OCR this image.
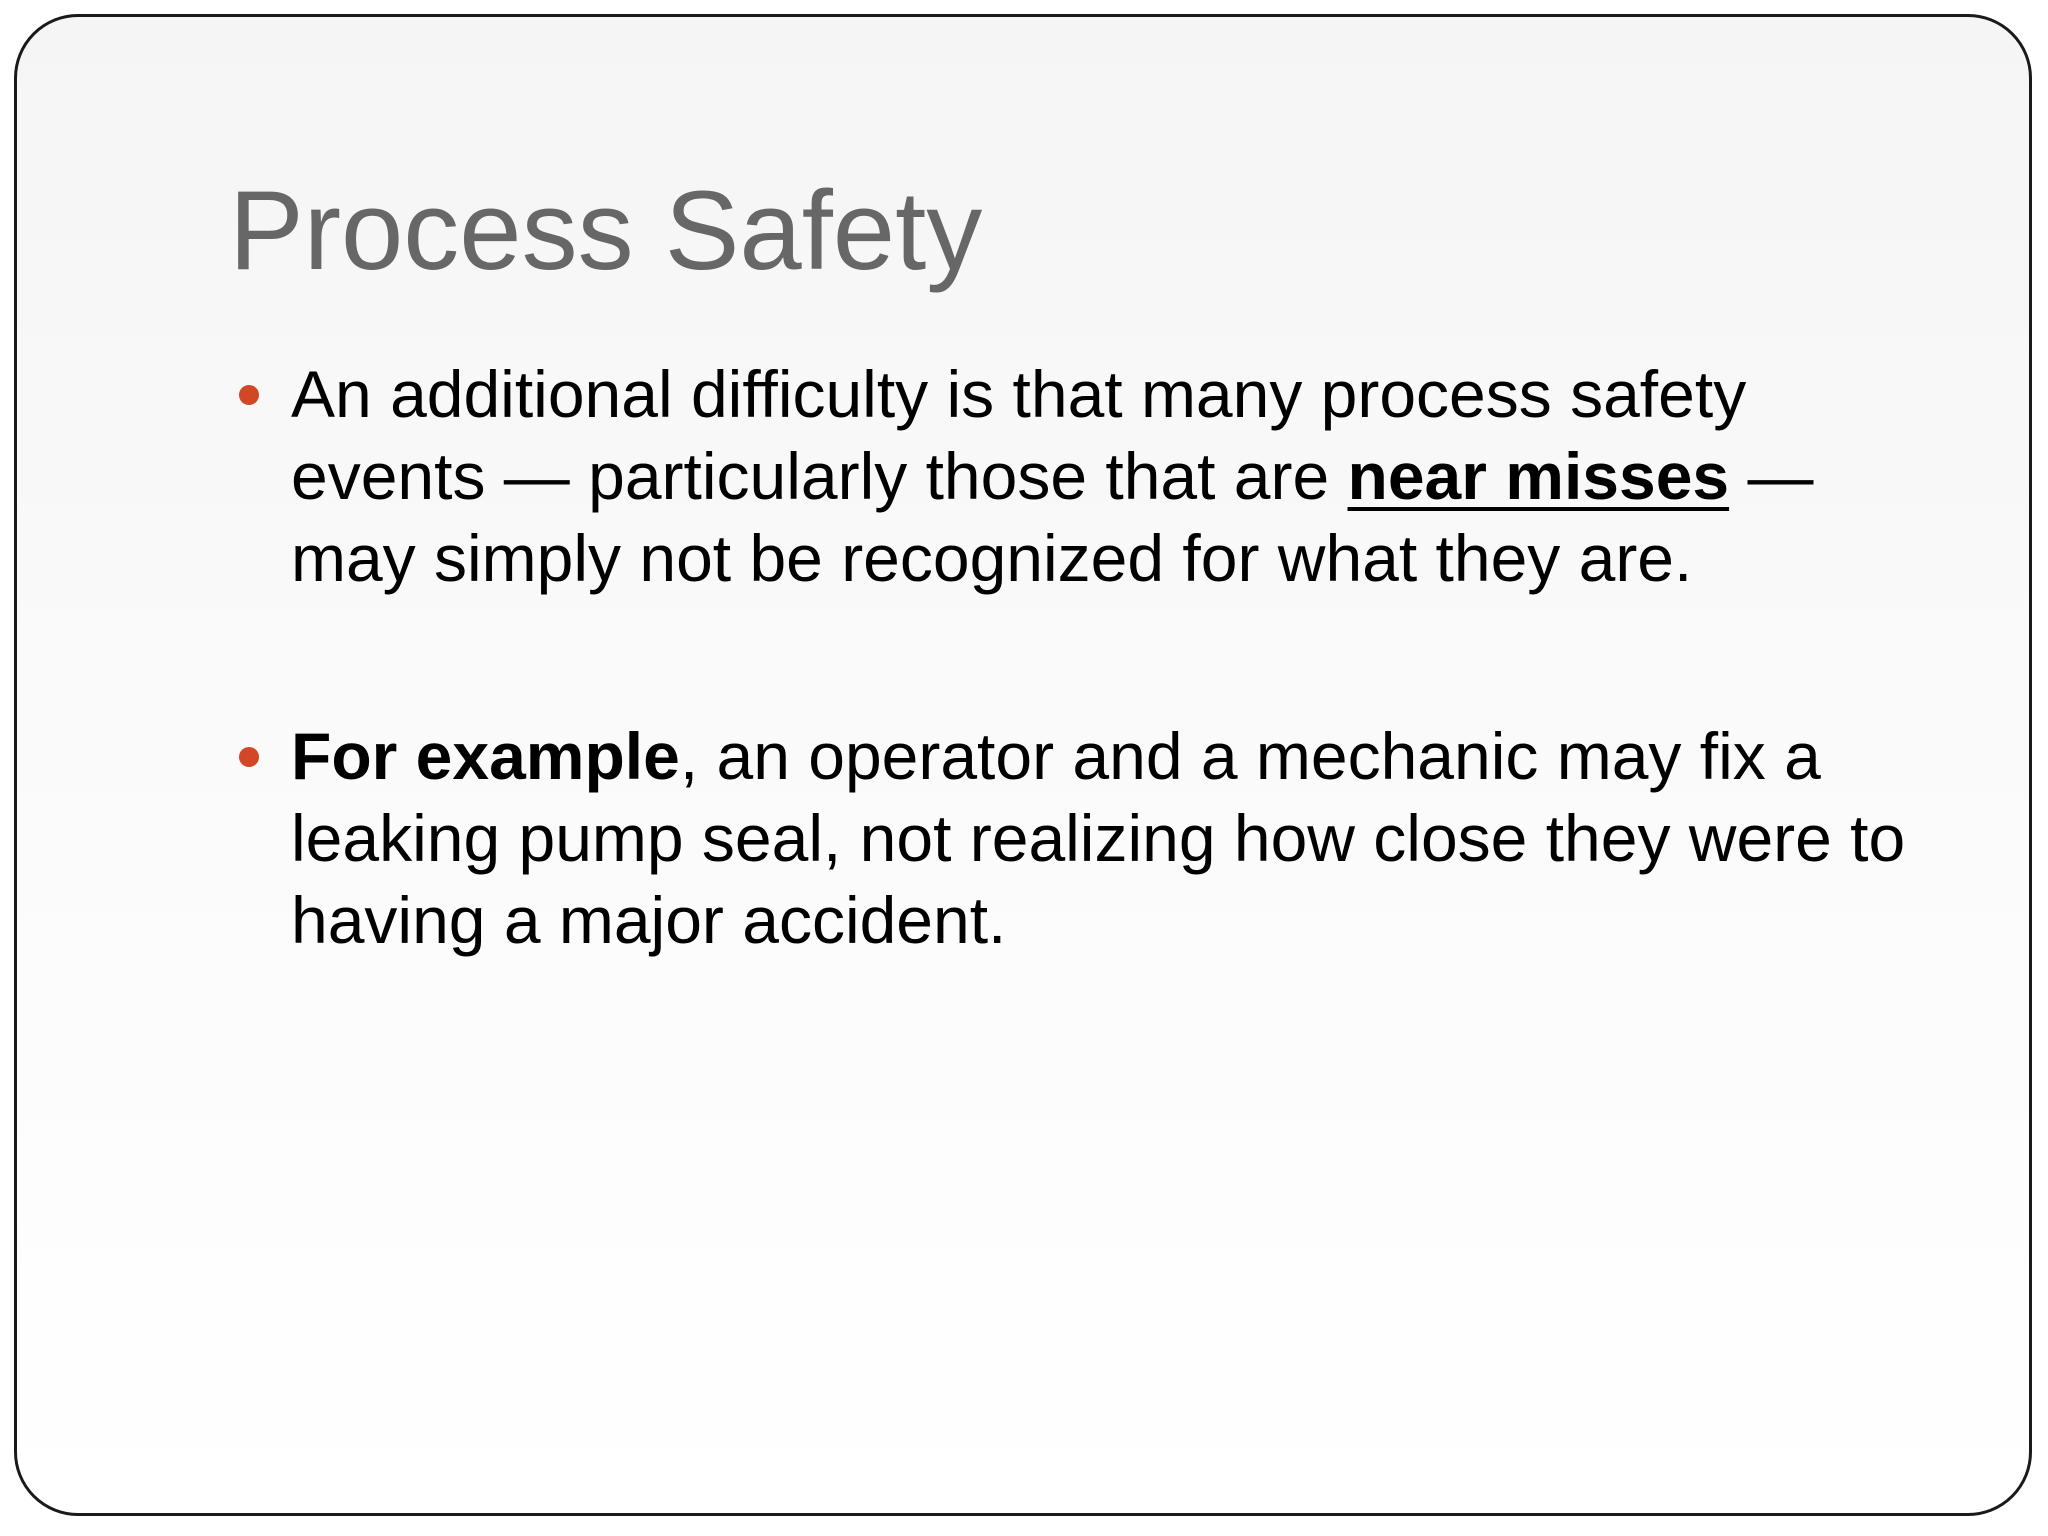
Process Safety
An additional difficulty is that many process safety events — particularly those that are near misses — may simply not be recognized for what they are.
For example, an operator and a mechanic may fix a leaking pump seal, not realizing how close they were to having a major accident.
